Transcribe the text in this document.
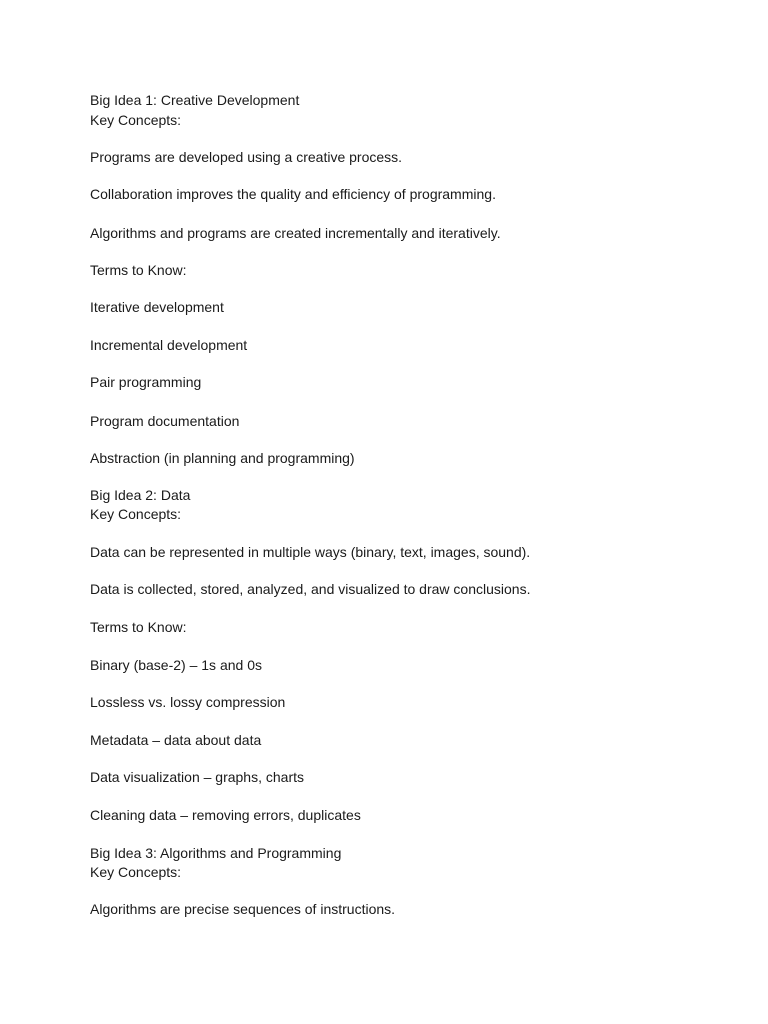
Big Idea 1: Creative Development
Key Concepts:
Programs are developed using a creative process.
Collaboration improves the quality and efficiency of programming.
Algorithms and programs are created incrementally and iteratively.
Terms to Know:
Iterative development
Incremental development
Pair programming
Program documentation
Abstraction (in planning and programming)
Big Idea 2: Data
Key Concepts:
Data can be represented in multiple ways (binary, text, images, sound).
Data is collected, stored, analyzed, and visualized to draw conclusions.
Terms to Know:
Binary (base-2) – 1s and 0s
Lossless vs. lossy compression
Metadata – data about data
Data visualization – graphs, charts
Cleaning data – removing errors, duplicates
Big Idea 3: Algorithms and Programming
Key Concepts:
Algorithms are precise sequences of instructions.
